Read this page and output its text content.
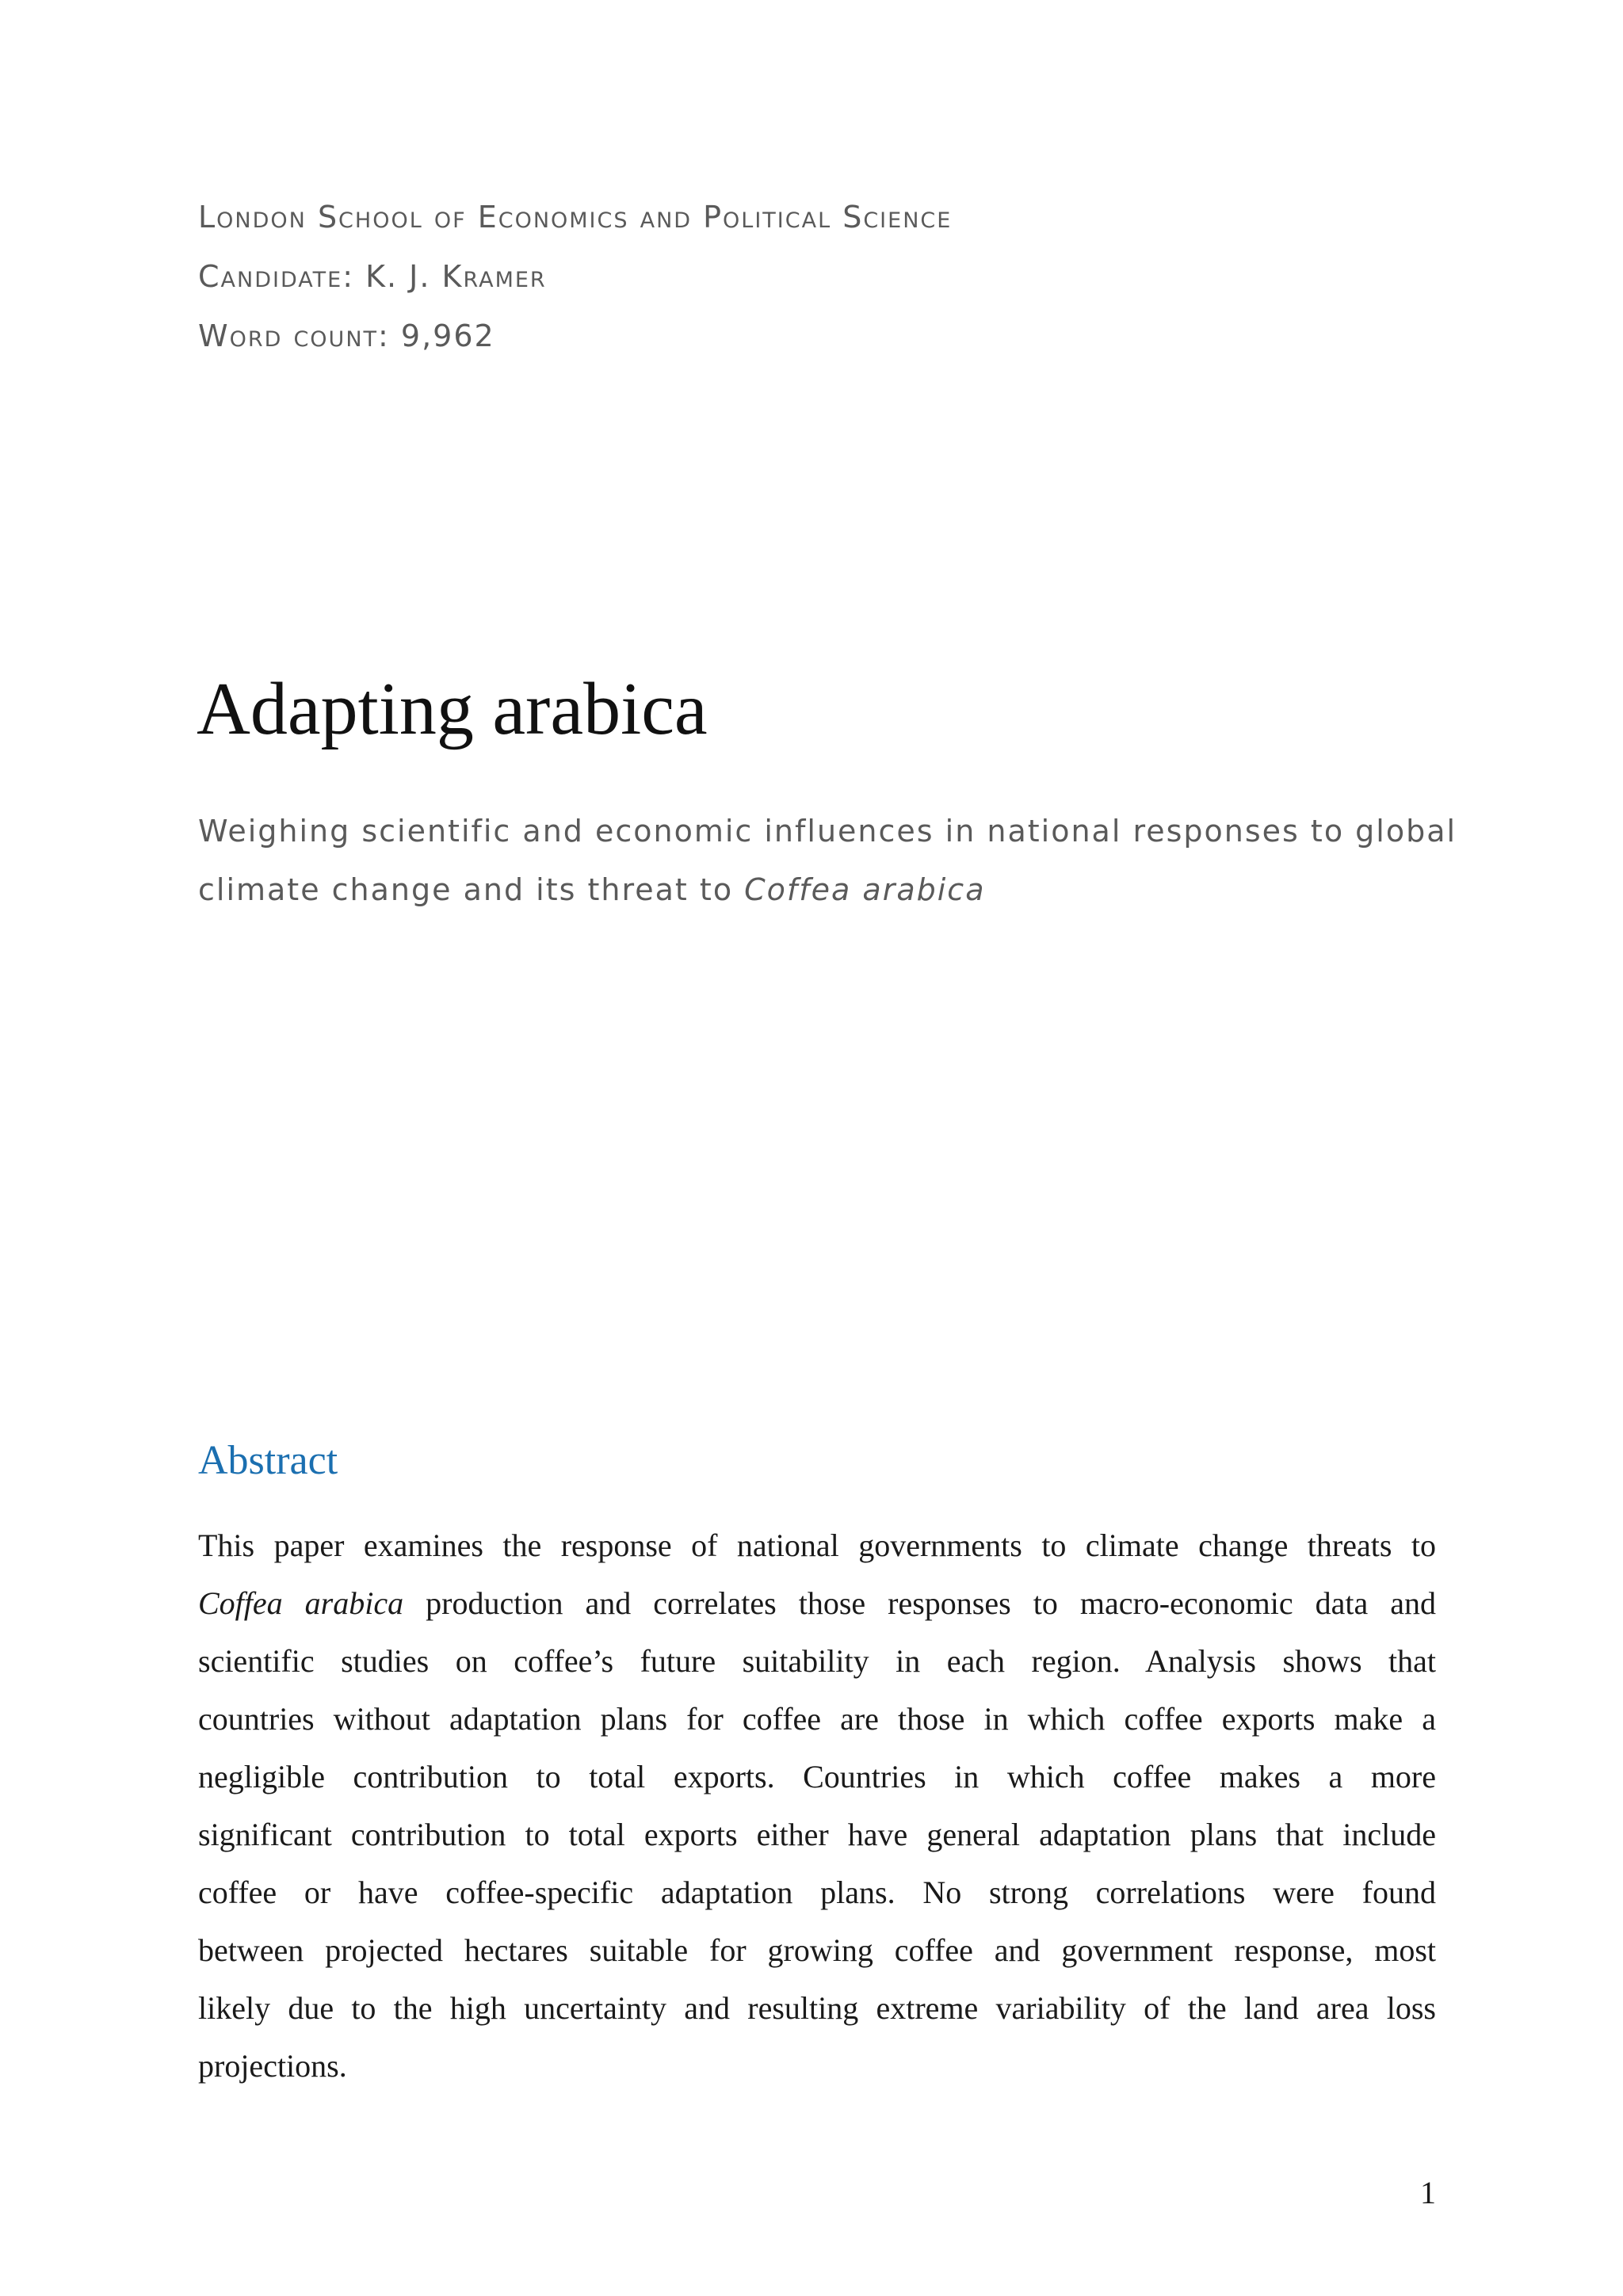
London School of Economics and Political Science
Candidate: K. J. Kramer
Word count: 9,962
Adapting arabica
Weighing scientific and economic influences in national responses to global
climate change and its threat to Coffea arabica
Abstract
This paper examines the response of national governments to climate change threats to
Coffea arabica production and correlates those responses to macro-economic data and
scientific studies on coffee’s future suitability in each region. Analysis shows that
countries without adaptation plans for coffee are those in which coffee exports make a
negligible contribution to total exports. Countries in which coffee makes a more
significant contribution to total exports either have general adaptation plans that include
coffee or have coffee-specific adaptation plans. No strong correlations were found
between projected hectares suitable for growing coffee and government response, most
likely due to the high uncertainty and resulting extreme variability of the land area loss
projections.
1
